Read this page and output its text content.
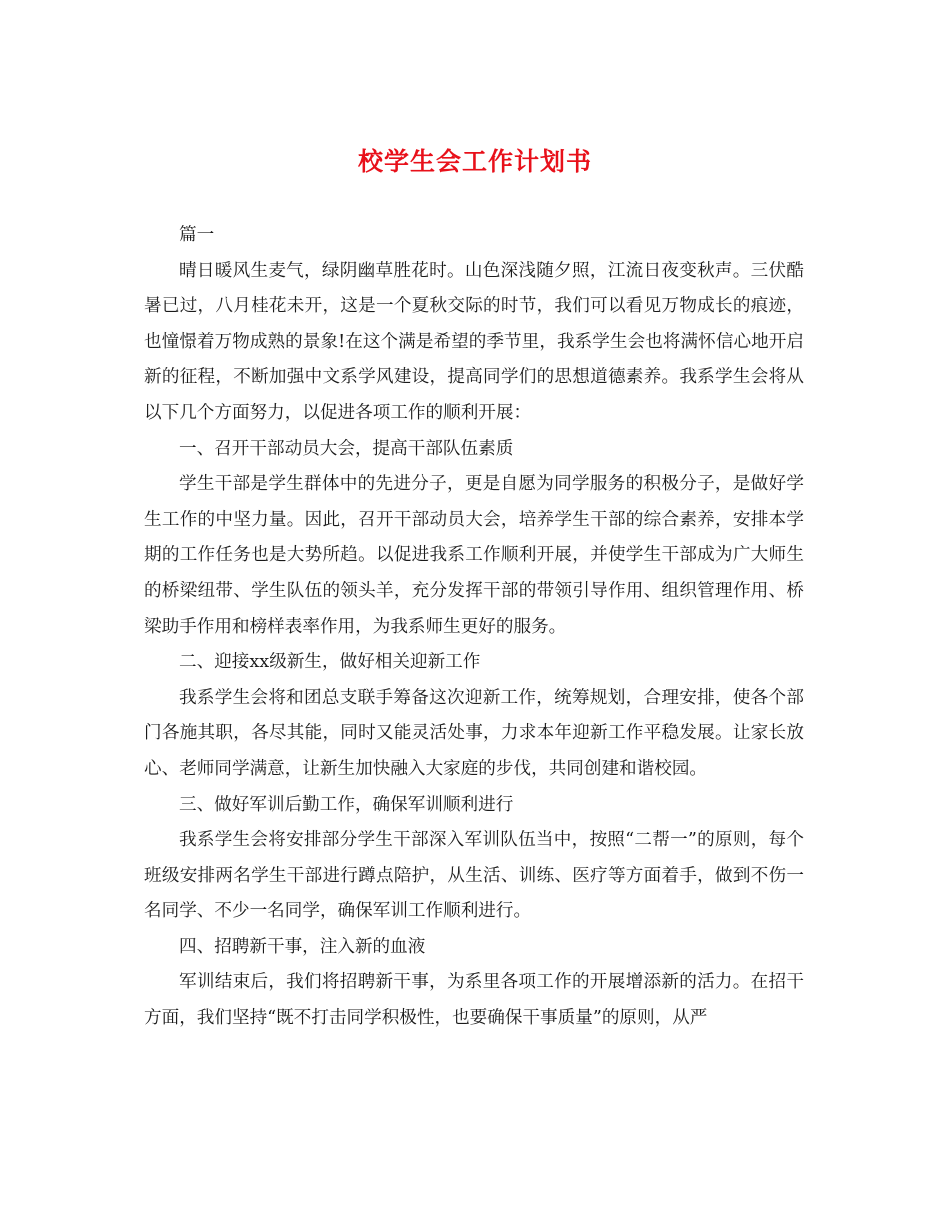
校学生会工作计划书

篇一

晴日暖风生麦气，绿阴幽草胜花时。山色深浅随夕照，江流日夜变秋声。三伏酷暑已过，八月桂花未开，这是一个夏秋交际的时节，我们可以看见万物成长的痕迹，也憧憬着万物成熟的景象!在这个满是希望的季节里，我系学生会也将满怀信心地开启新的征程，不断加强中文系学风建设，提高同学们的思想道德素养。我系学生会将从以下几个方面努力，以促进各项工作的顺利开展：

一、召开干部动员大会，提高干部队伍素质

学生干部是学生群体中的先进分子，更是自愿为同学服务的积极分子，是做好学生工作的中坚力量。因此，召开干部动员大会，培养学生干部的综合素养，安排本学期的工作任务也是大势所趋。以促进我系工作顺利开展，并使学生干部成为广大师生的桥梁纽带、学生队伍的领头羊，充分发挥干部的带领引导作用、组织管理作用、桥梁助手作用和榜样表率作用，为我系师生更好的服务。

二、迎接xx级新生，做好相关迎新工作

我系学生会将和团总支联手筹备这次迎新工作，统筹规划，合理安排，使各个部门各施其职，各尽其能，同时又能灵活处事，力求本年迎新工作平稳发展。让家长放心、老师同学满意，让新生加快融入大家庭的步伐，共同创建和谐校园。

三、做好军训后勤工作，确保军训顺利进行

我系学生会将安排部分学生干部深入军训队伍当中，按照“二帮一”的原则，每个班级安排两名学生干部进行蹲点陪护，从生活、训练、医疗等方面着手，做到不伤一名同学、不少一名同学，确保军训工作顺利进行。

四、招聘新干事，注入新的血液

军训结束后，我们将招聘新干事，为系里各项工作的开展增添新的活力。在招干方面，我们坚持“既不打击同学积极性，也要确保干事质量”的原则，从严
